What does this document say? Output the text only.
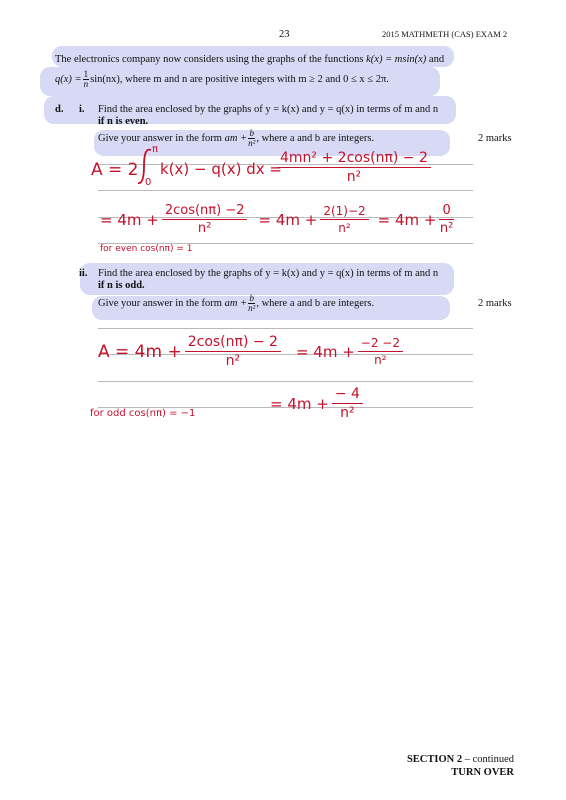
23	2015 MATHMETH (CAS) EXAM 2
The electronics company now considers using the graphs of the functions k(x) = msin(x) and
$q(x) = \frac{1}{n} \sin(nx)$, where m and n are positive integers with m ≥ 2 and 0 ≤ x ≤ 2π.
d. i. Find the area enclosed by the graphs of y = k(x) and y = q(x) in terms of m and n
if n is even.
Give your answer in the form am + $\frac{b}{\text{n²}}$ , where a and b are integers.	2 marks
A = 2
π
0
k(x) − q(x) dx =
$\frac{\text{4mn² + 2cos(nπ) − 2}}{\text{n²}}$
= $4m + \frac{2\cos(n\pi) -2}{\text{n²}} = 4m + \frac{2(1)-2}{\text{n²}} = 4m + \frac{0}{\text{n²}}$
for even cos(nπ) = 1
ii. Find the area enclosed by the graphs of y = k(x) and y = q(x) in terms of m and n
if n is odd.
Give your answer in the form am + $\frac{b}{\text{n²}}$ , where a and b are integers.	2 marks
$A = 4m + \frac{2\cos(n\pi) - 2}{\text{n²}} = 4m + \frac{-2 -2}{\text{n²}}$
= $4m + \frac{- 4}{\text{n²}}$
for odd cos(nπ) = −1
SECTION 2 – continued
TURN OVER
